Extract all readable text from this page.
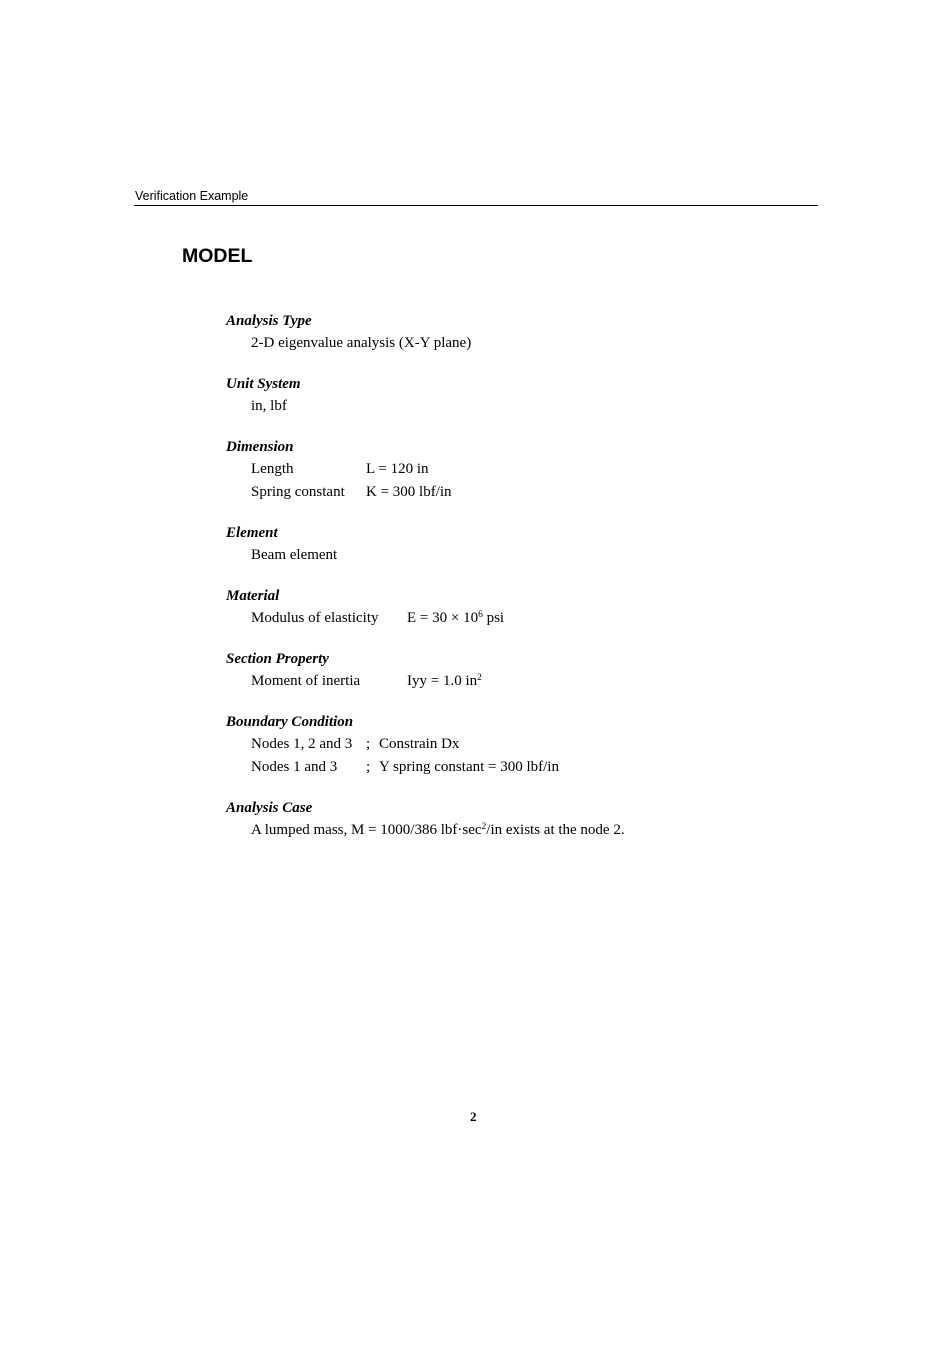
Verification Example
MODEL
Analysis Type
2-D eigenvalue analysis (X-Y plane)
Unit System
in, lbf
Dimension
Length	L = 120 in
Spring constant K = 300 lbf/in
Element
Beam element
Material
Modulus of elasticity $E = 30 \times 10^6$ psi
Section Property
Moment of inertia	Iyy = 1.0 $in^2$
Boundary Condition
Nodes 1, 2 and 3 ; Constrain Dx
Nodes 1 and 3 ; Y spring constant = 300 lbf/in
Analysis Case
A lumped mass, M = 1000/386 $lbf\cdot\sec^2/in$ exists at the node 2.
2
